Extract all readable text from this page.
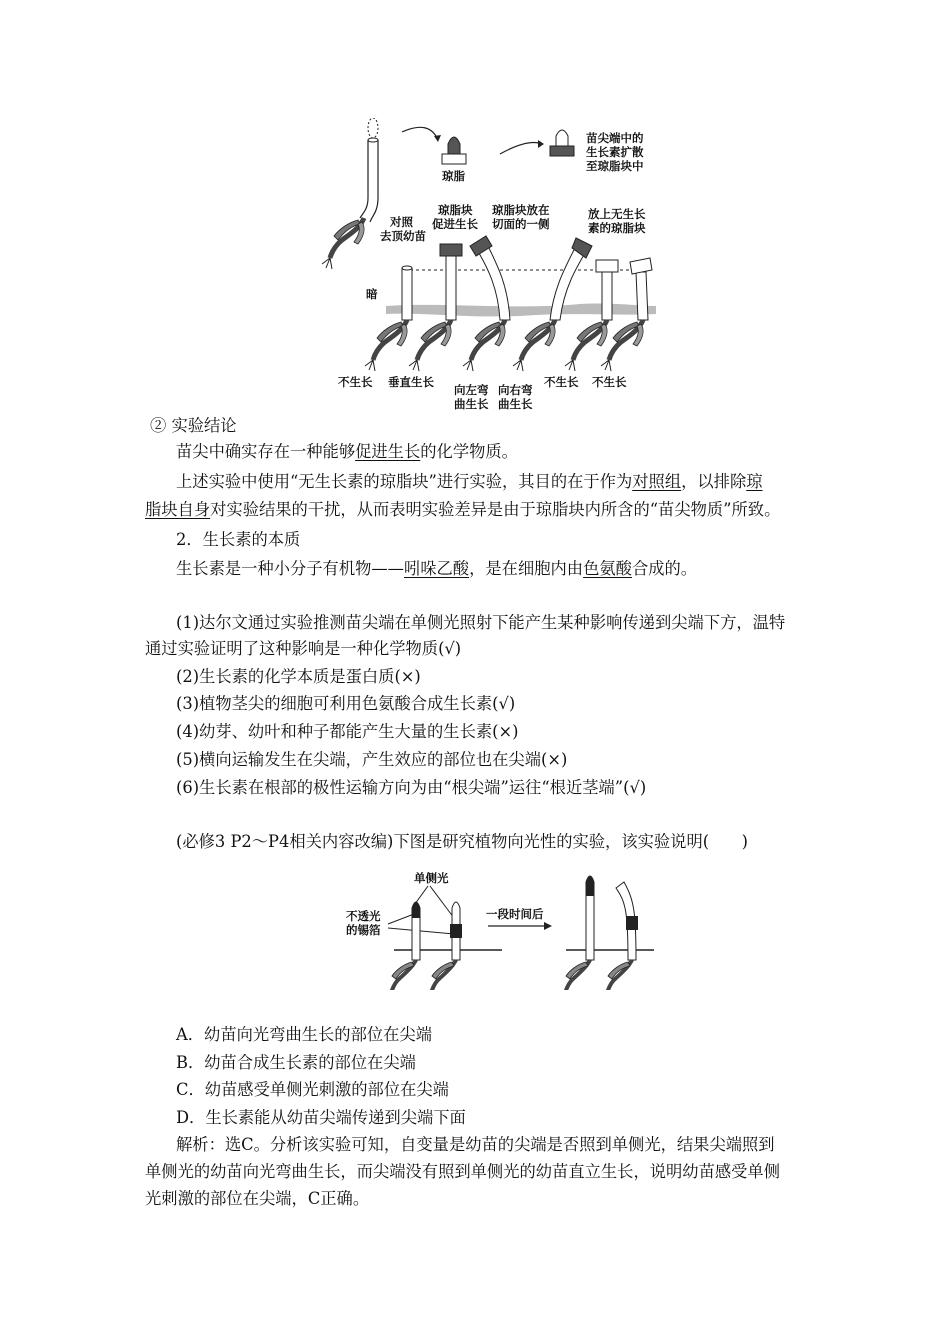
琼脂
苗尖端中的
生长素扩散
至琼脂块中
对照
去顶幼苗
琼脂块
促进生长
琼脂块放在
切面的一侧
放上无生长
素的琼脂块
暗
不生长 垂直生长
向左弯
曲生长
向右弯
曲生长
不生长 不生长
② 实验结论
苗尖中确实存在一种能够促进生长的化学物质。
上述实验中使用“无生长素的琼脂块”进行实验，其目的在于作为对照组，以排除琼
脂块自身对实验结果的干扰，从而表明实验差异是由于琼脂块内所含的“苗尖物质”所致。
2．生长素的本质
生长素是一种小分子有机物——吲哚乙酸，是在细胞内由色氨酸合成的。
(1)达尔文通过实验推测苗尖端在单侧光照射下能产生某种影响传递到尖端下方，温特
通过实验证明了这种影响是一种化学物质(√)
(2)生长素的化学本质是蛋白质(×)
(3)植物茎尖的细胞可利用色氨酸合成生长素(√)
(4)幼芽、幼叶和种子都能产生大量的生长素(×)
(5)横向运输发生在尖端，产生效应的部位也在尖端(×)
(6)生长素在根部的极性运输方向为由“根尖端”运往“根近茎端”(√)
(必修3 P2～P4相关内容改编)下图是研究植物向光性的实验，该实验说明(　　)
单侧光
不透光
的锡箔
一段时间后
A．幼苗向光弯曲生长的部位在尖端
B．幼苗合成生长素的部位在尖端
C．幼苗感受单侧光刺激的部位在尖端
D．生长素能从幼苗尖端传递到尖端下面
解析：选C。分析该实验可知，自变量是幼苗的尖端是否照到单侧光，结果尖端照到
单侧光的幼苗向光弯曲生长，而尖端没有照到单侧光的幼苗直立生长，说明幼苗感受单侧
光刺激的部位在尖端，C正确。
